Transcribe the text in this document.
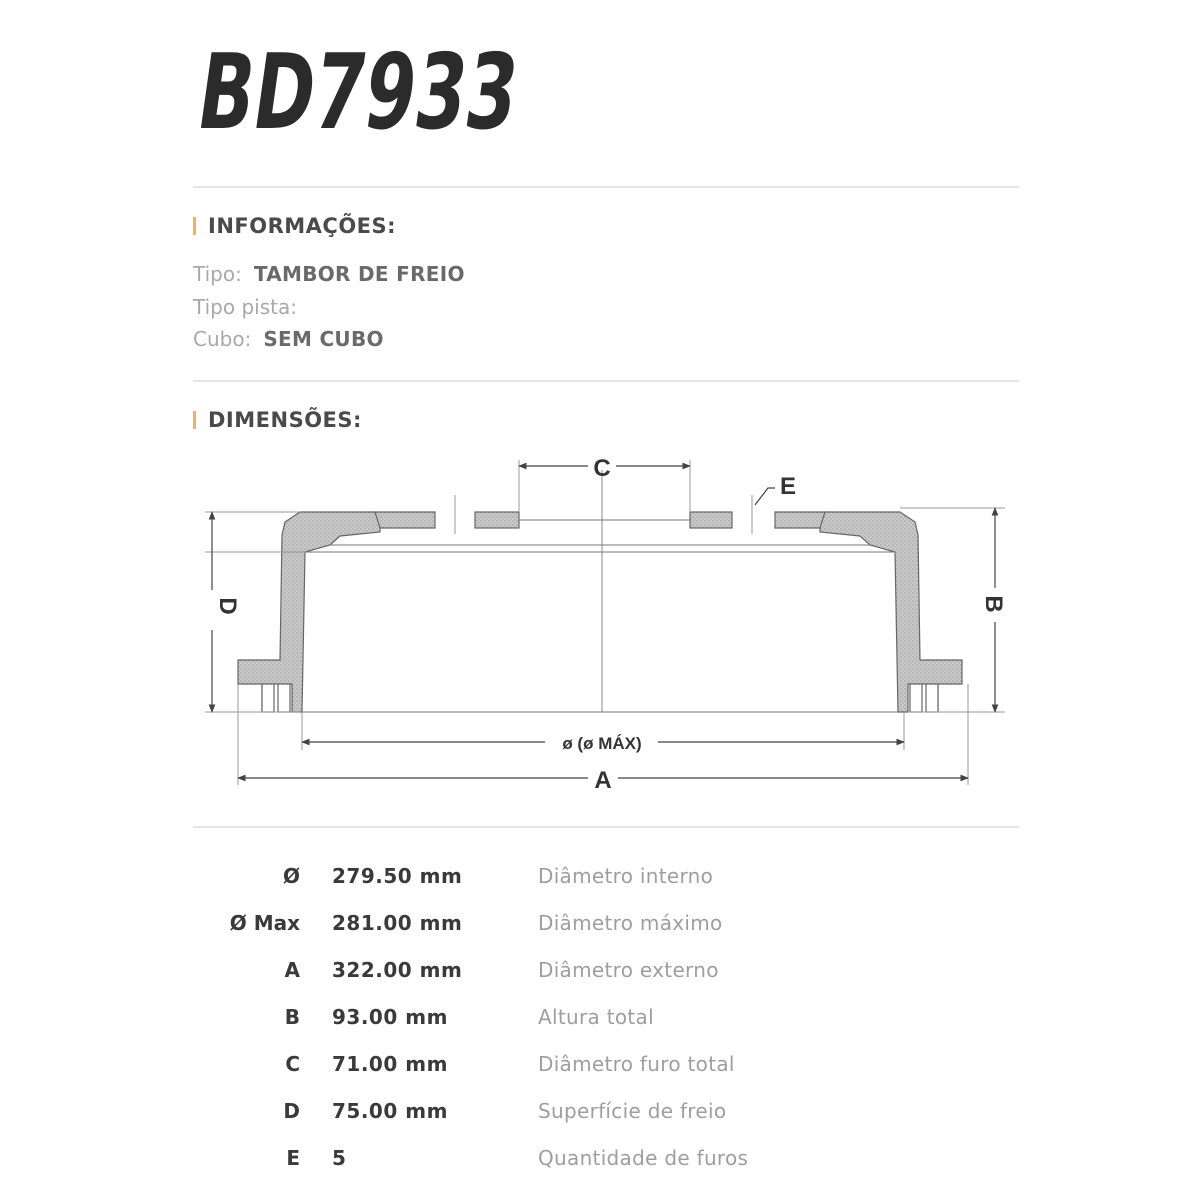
BD7933
INFORMAÇÕES:
Tipo: TAMBOR DE FREIO
Tipo pista:
Cubo: SEM CUBO
DIMENSÕES:
C
E
D	B
ø (ø MÁX)
A
Ø 279.50 mm	Diâmetro interno
Ø Max 281.00 mm	Diâmetro máximo
A 322.00 mm	Diâmetro externo
B 93.00 mm	Altura total
C 71.00 mm	Diâmetro furo total
D 75.00 mm	Superfície de freio
E 5	Quantidade de furos
